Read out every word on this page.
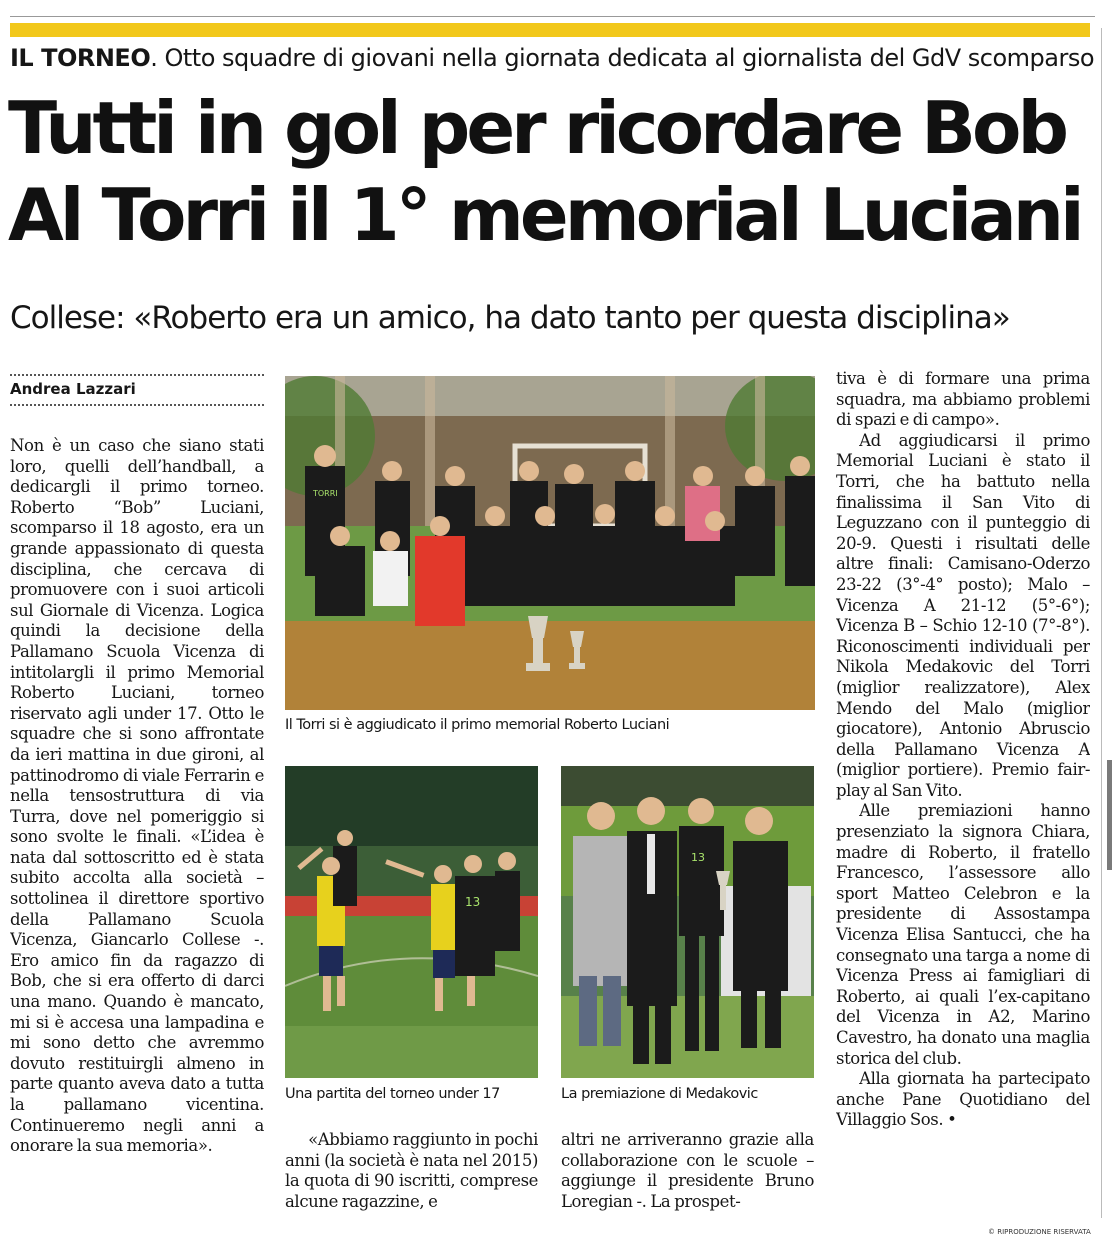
IL TORNEO. Otto squadre di giovani nella giornata dedicata al giornalista del GdV scomparso
Tutti in gol per ricordare Bob
Al Torri il 1° memorial Luciani
Collese: «Roberto era un amico, ha dato tanto per questa disciplina»
Andrea Lazzari

Non è un caso che siano stati loro, quelli dell’handball, a dedicargli il primo torneo. Roberto “Bob” Luciani, scomparso il 18 agosto, era un grande appassionato di questa disciplina, che cercava di promuovere con i suoi articoli sul Giornale di Vicenza. Logica quindi la decisione della Pallamano Scuola Vicenza di intitolargli il primo Memorial Roberto Luciani, torneo riservato agli under 17. Otto le squadre che si sono affrontate da ieri mattina in due gironi, al pattinodromo di viale Ferrarin e nella tensostruttura di via Turra, dove nel pomeriggio si sono svolte le finali. «L’idea è nata dal sottoscritto ed è stata subito accolta alla società – sottolinea il direttore sportivo della Pallamano Scuola Vicenza, Giancarlo Collese -. Ero amico fin da ragazzo di Bob, che si era offerto di darci una mano. Quando è mancato, mi si è accesa una lampadina e mi sono detto che avremmo dovuto restituirgli almeno in parte quanto aveva dato a tutta la pallamano vicentina. Continueremo negli anni a onorare la sua memoria».

TORRI
Il Torri si è aggiudicato il primo memorial Roberto Luciani
13
Una partita del torneo under 17
13
La premiazione di Medakovic

«Abbiamo raggiunto in pochi anni (la società è nata nel 2015) la quota di 90 iscritti, comprese alcune ragazzine, e

altri ne arriveranno grazie alla collaborazione con le scuole – aggiunge il presidente Bruno Loregian -. La prospet-

tiva è di formare una prima squadra, ma abbiamo problemi di spazi e di campo».

Ad aggiudicarsi il primo Memorial Luciani è stato il Torri, che ha battuto nella finalissima il San Vito di Leguzzano con il punteggio di 20-9. Questi i risultati delle altre finali: Camisano-Oderzo 23-22 (3°-4° posto); Malo – Vicenza A 21-12 (5°-6°); Vicenza B – Schio 12-10 (7°-8°). Riconoscimenti individuali per Nikola Medakovic del Torri (miglior realizzatore), Alex Mendo del Malo (miglior giocatore), Antonio Abruscio della Pallamano Vicenza A (miglior portiere). Premio fair-play al San Vito.

Alle premiazioni hanno presenziato la signora Chiara, madre di Roberto, il fratello Francesco, l’assessore allo sport Matteo Celebron e la presidente di Assostampa Vicenza Elisa Santucci, che ha consegnato una targa a nome di Vicenza Press ai famigliari di Roberto, ai quali l’ex-capitano del Vicenza in A2, Marino Cavestro, ha donato una maglia storica del club.

Alla giornata ha partecipato anche Pane Quotidiano del Villaggio Sos. •

© RIPRODUZIONE RISERVATA
